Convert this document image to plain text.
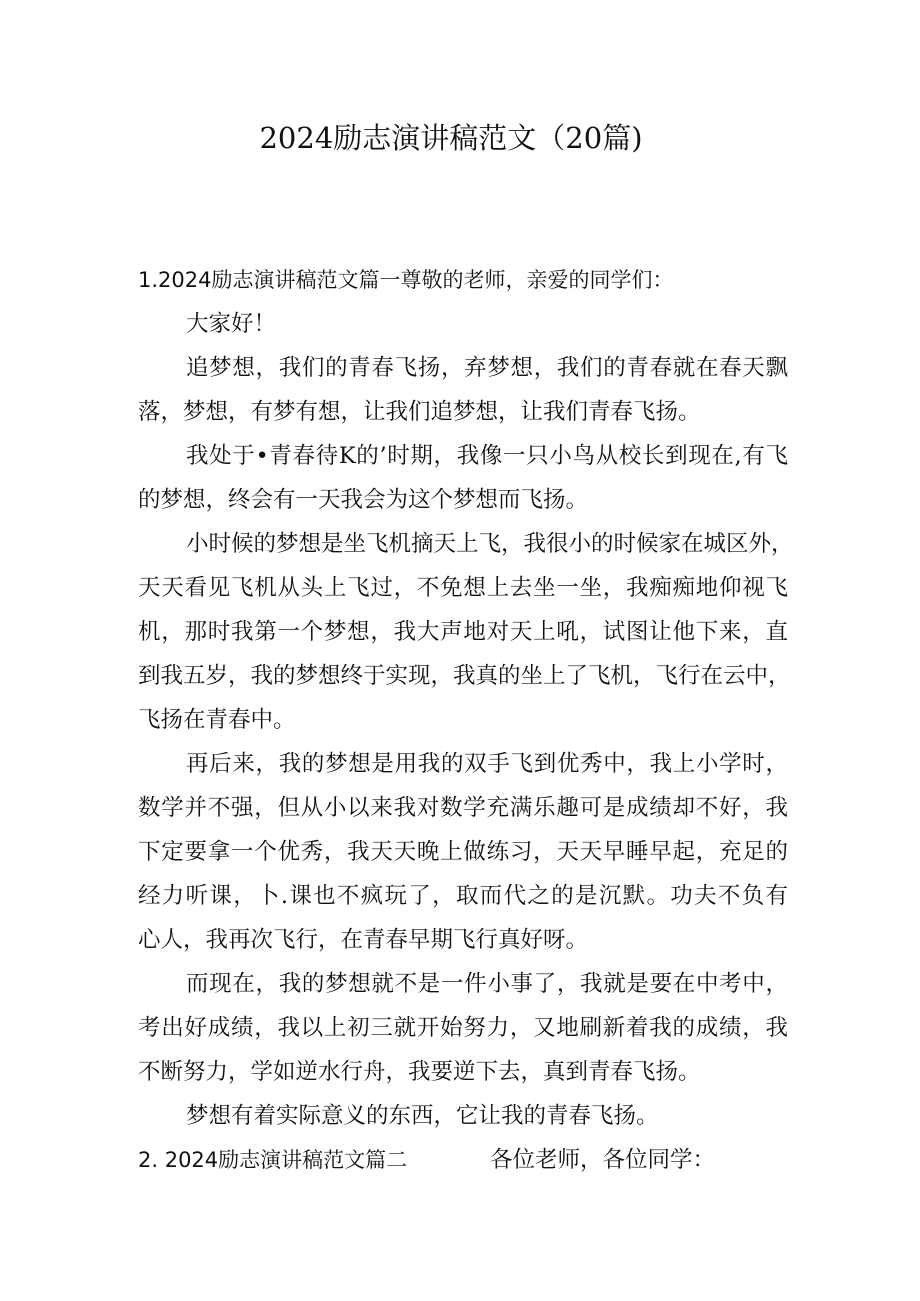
2024励志演讲稿范文（20篇)

1.2024励志演讲稿范文篇一尊敬的老师，亲爱的同学们：

大家好！

追梦想，我们的青春飞扬，弃梦想，我们的青春就在春天飘

落，梦想，有梦有想，让我们追梦想，让我们青春飞扬。

我处于•青春待K的’时期，我像一只小鸟从校长到现在,有飞

的梦想，终会有一天我会为这个梦想而飞扬。

小时候的梦想是坐飞机摘天上飞，我很小的时候家在城区外，

天天看见飞机从头上飞过，不免想上去坐一坐，我痴痴地仰视飞

机，那时我第一个梦想，我大声地对天上吼，试图让他下来，直

到我五岁，我的梦想终于实现，我真的坐上了飞机，飞行在云中，

飞扬在青春中。

再后来，我的梦想是用我的双手飞到优秀中，我上小学时，

数学并不强，但从小以来我对数学充满乐趣可是成绩却不好，我

下定要拿一个优秀，我天天晚上做练习，天天早睡早起，充足的

经力听课，卜.课也不疯玩了，取而代之的是沉默。功夫不负有

心人，我再次飞行，在青春早期飞行真好呀。

而现在，我的梦想就不是一件小事了，我就是要在中考中，

考出好成绩，我以上初三就开始努力，又地刷新着我的成绩，我

不断努力，学如逆水行舟，我要逆下去，真到青春飞扬。

梦想有着实际意义的东西，它让我的青春飞扬。

2. 2024励志演讲稿范文篇二	各位老师，各位同学：
